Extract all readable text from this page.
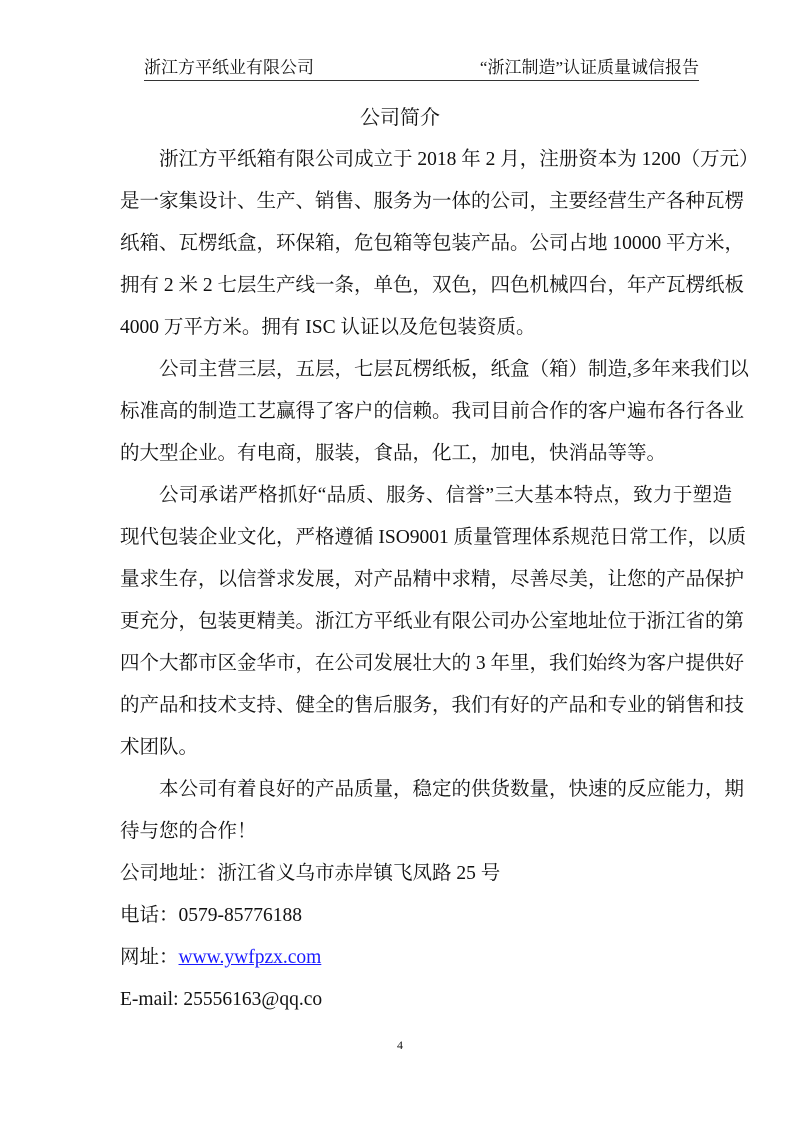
浙江方平纸业有限公司	“浙江制造”认证质量诚信报告
公司简介
浙江方平纸箱有限公司成立于 2018 年 2 月，注册资本为 1200（万元）
是一家集设计、生产、销售、服务为一体的公司，主要经营生产各种瓦楞
纸箱、瓦楞纸盒，环保箱，危包箱等包装产品。公司占地 10000 平方米，
拥有 2 米 2 七层生产线一条，单色，双色，四色机械四台，年产瓦楞纸板
4000 万平方米。拥有 ISC 认证以及危包装资质。
公司主营三层，五层，七层瓦楞纸板，纸盒（箱）制造,多年来我们以
标准高的制造工艺赢得了客户的信赖。我司目前合作的客户遍布各行各业
的大型企业。有电商，服装，食品，化工，加电，快消品等等。
公司承诺严格抓好“品质、服务、信誉”三大基本特点，致力于塑造
现代包装企业文化，严格遵循 ISO9001 质量管理体系规范日常工作，以质
量求生存，以信誉求发展，对产品精中求精，尽善尽美，让您的产品保护
更充分，包装更精美。浙江方平纸业有限公司办公室地址位于浙江省的第
四个大都市区金华市，在公司发展壮大的 3 年里，我们始终为客户提供好
的产品和技术支持、健全的售后服务，我们有好的产品和专业的销售和技
术团队。
本公司有着良好的产品质量，稳定的供货数量，快速的反应能力，期
待与您的合作！
公司地址：浙江省义乌市赤岸镇飞凤路 25 号
电话：0579-85776188
网址：www.ywfpzx.com
E-mail: 25556163@qq.co
4
